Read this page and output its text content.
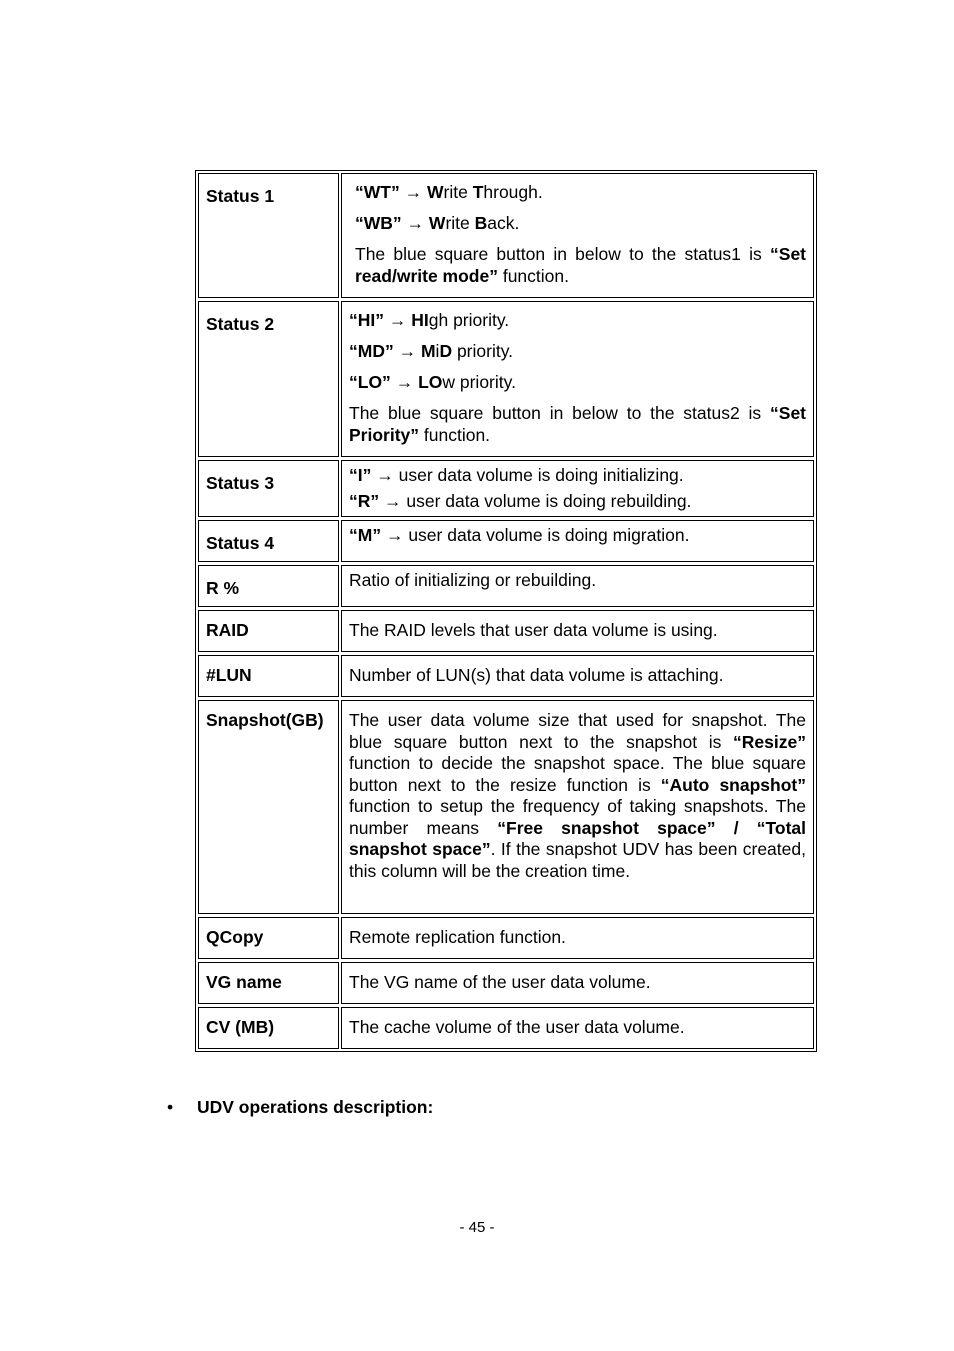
Status 1	“WT” → Write Through.

“WB” → Write Back.

The blue square button in below to the status1 is “Set read/write mode” function.

Status 2	“HI” → HIgh priority.

“MD” → MiD priority.

“LO” → LOw priority.

The blue square button in below to the status2 is “Set Priority” function.

Status 3	“I” → user data volume is doing initializing.

“R” → user data volume is doing rebuilding.

Status 4	“M” → user data volume is doing migration.

R %	Ratio of initializing or rebuilding.
RAID	The RAID levels that user data volume is using.
#LUN	Number of LUN(s) that data volume is attaching.
Snapshot(GB)	The user data volume size that used for snapshot. The blue square button next to the snapshot is “Resize” function to decide the snapshot space. The blue square button next to the resize function is “Auto snapshot” function to setup the frequency of taking snapshots. The number means “Free snapshot space” / “Total snapshot space”. If the snapshot UDV has been created, this column will be the creation time.

QCopy	Remote replication function.
VG name	The VG name of the user data volume.
CV (MB)	The cache volume of the user data volume.
•	UDV operations description:
- 45 -
